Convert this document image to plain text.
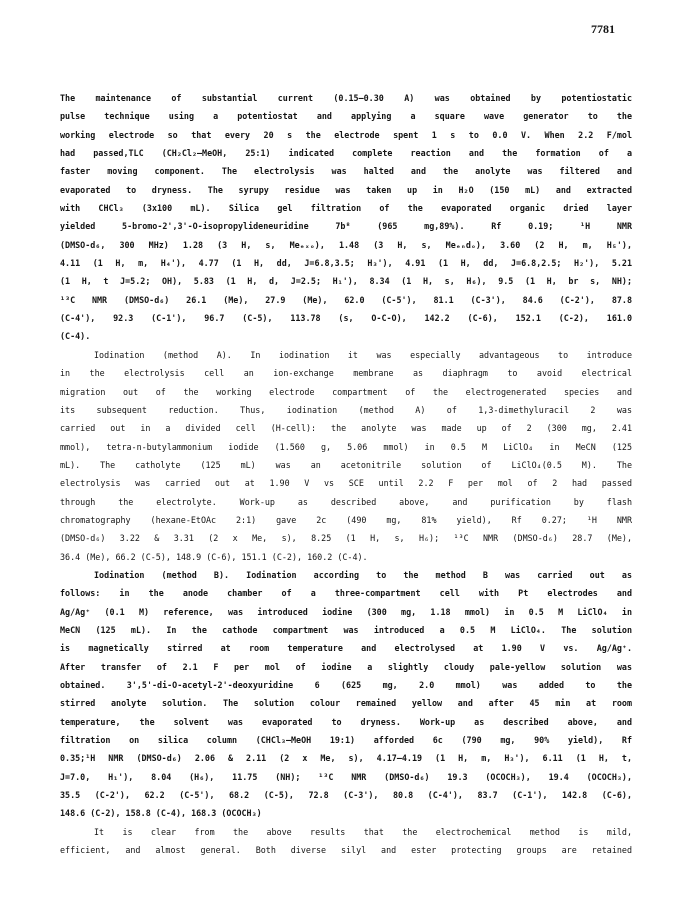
7781
The maintenance of substantial current (0.15–0.30 A) was obtained by potentiostatic
pulse technique using a potentiostat and applying a square wave generator to the
working electrode so that every 20 s the electrode spent 1 s to 0.0 V. When 2.2 F/mol
had passed,TLC (CH₂Cl₂–MeOH, 25:1) indicated complete reaction and the formation of a
faster moving component. The electrolysis was halted and the anolyte was filtered and
evaporated to dryness. The syrupy residue was taken up in H₂O (150 mL) and extracted
with CHCl₃ (3x100 mL). Silica gel filtration of the evaporated organic dried layer
yielded 5-bromo-2',3'-O-isopropylideneuridine 7b⁸ (965 mg,89%). Rf 0.19; ¹H NMR
(DMSO-d₆, 300 MHz) 1.28 (3 H, s, Meₑₓₒ), 1.48 (3 H, s, Meₑₙdₒ), 3.60 (2 H, m, H₅'),
4.11 (1 H, m, H₄'), 4.77 (1 H, dd, J=6.8,3.5; H₃'), 4.91 (1 H, dd, J=6.8,2.5; H₂'), 5.21
(1 H, t J=5.2; OH), 5.83 (1 H, d, J=2.5; H₁'), 8.34 (1 H, s, H₆), 9.5 (1 H, br s, NH);
¹³C NMR (DMSO-d₆) 26.1 (Me), 27.9 (Me), 62.0 (C-5'), 81.1 (C-3'), 84.6 (C-2'), 87.8
(C-4'), 92.3 (C-1'), 96.7 (C-5), 113.78 (s, O-C-O), 142.2 (C-6), 152.1 (C-2), 161.0
(C-4).
Iodination (method A). In iodination it was especially advantageous to introduce
in the electrolysis cell an ion-exchange membrane as diaphragm to avoid electrical
migration out of the working electrode compartment of the electrogenerated species and
its subsequent reduction. Thus, iodination (method A) of 1,3-dimethyluracil 2 was
carried out in a divided cell (H-cell): the anolyte was made up of 2 (300 mg, 2.41
mmol), tetra-n-butylammonium iodide (1.560 g, 5.06 mmol) in 0.5 M LiClO₄ in MeCN (125
mL). The catholyte (125 mL) was an acetonitrile solution of LiClO₄(0.5 M). The
electrolysis was carried out at 1.90 V vs SCE until 2.2 F per mol of 2 had passed
through the electrolyte. Work-up as described above, and purification by flash
chromatography (hexane-EtOAc 2:1) gave 2c (490 mg, 81% yield), Rf 0.27; ¹H NMR
(DMSO-d₆) 3.22 & 3.31 (2 x Me, s), 8.25 (1 H, s, H₆); ¹³C NMR (DMSO-d₆) 28.7 (Me),
36.4 (Me), 66.2 (C-5), 148.9 (C-6), 151.1 (C-2), 160.2 (C-4).
Iodination (method B). Iodination according to the method B was carried out as
follows: in the anode chamber of a three-compartment cell with Pt electrodes and
Ag/Ag⁺ (0.1 M) reference, was introduced iodine (300 mg, 1.18 mmol) in 0.5 M LiClO₄ in
MeCN (125 mL). In the cathode compartment was introduced a 0.5 M LiClO₄. The solution
is magnetically stirred at room temperature and electrolysed at 1.90 V vs. Ag/Ag⁺.
After transfer of 2.1 F per mol of iodine a slightly cloudy pale-yellow solution was
obtained. 3',5'-di-O-acetyl-2'-deoxyuridine 6 (625 mg, 2.0 mmol) was added to the
stirred anolyte solution. The solution colour remained yellow and after 45 min at room
temperature, the solvent was evaporated to dryness. Work-up as described above, and
filtration on silica column (CHCl₃–MeOH 19:1) afforded 6c (790 mg, 90% yield), Rf
0.35;¹H NMR (DMSO-d₆) 2.06 & 2.11 (2 x Me, s), 4.17–4.19 (1 H, m, H₃'), 6.11 (1 H, t,
J=7.0, H₁'), 8.04 (H₆), 11.75 (NH); ¹³C NMR (DMSO-d₆) 19.3 (OCOCH₃), 19.4 (OCOCH₃),
35.5 (C-2'), 62.2 (C-5'), 68.2 (C-5), 72.8 (C-3'), 80.8 (C-4'), 83.7 (C-1'), 142.8 (C-6),
148.6 (C-2), 158.8 (C-4), 168.3 (OCOCH₃)
It is clear from the above results that the electrochemical method is mild,
efficient, and almost general. Both diverse silyl and ester protecting groups are retained
